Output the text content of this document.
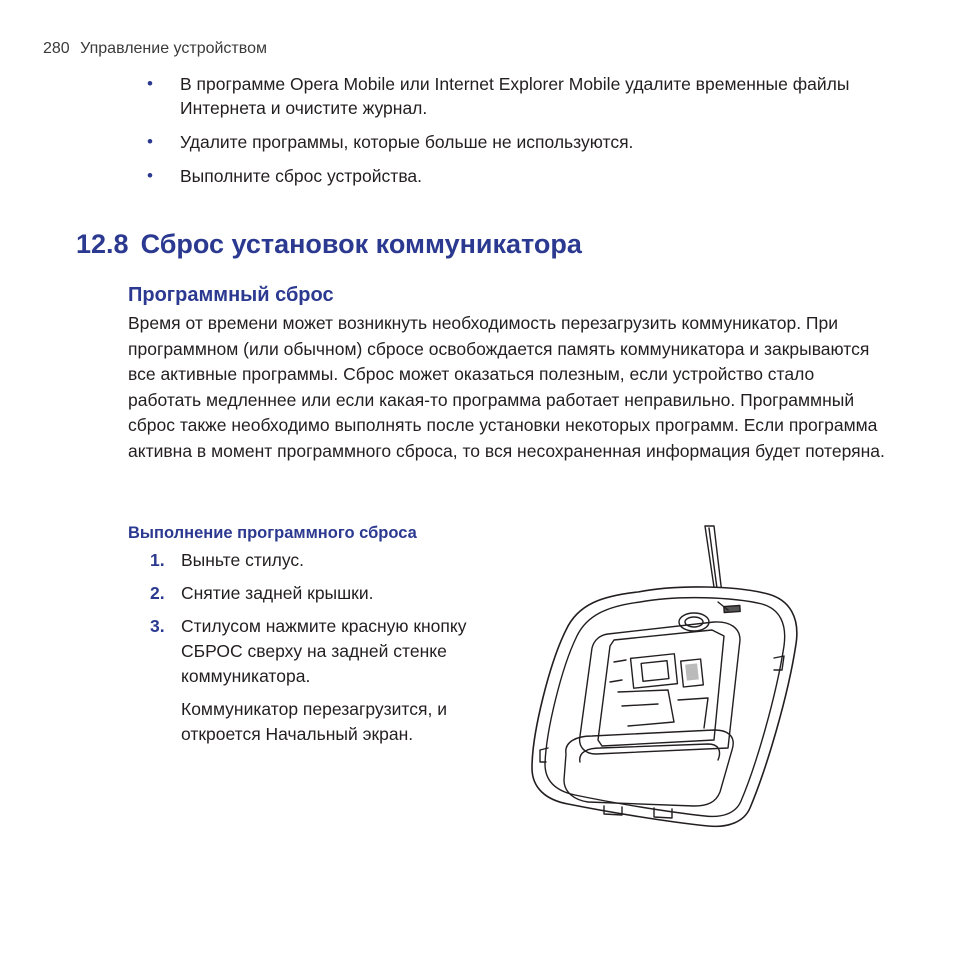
280 Управление устройством
• В программе Opera Mobile или Internet Explorer Mobile удалите временные файлы Интернета и очистите журнал.
• Удалите программы, которые больше не используются.
• Выполните сброс устройства.
12.8 Сброс установок коммуникатора
Программный сброс

Время от времени может возникнуть необходимость перезагрузить коммуникатор. При программном (или обычном) сбросе освобождается память коммуникатора и закрываются все активные программы. Сброс может оказаться полезным, если устройство стало работать медленнее или если какая-то программа работает неправильно. Программный сброс также необходимо выполнять после установки некоторых программ. Если программа активна в момент программного сброса, то вся несохраненная информация будет потеряна.

Выполнение программного сброса
1. Выньте стилус.
2. Снятие задней крышки.
3. Стилусом нажмите красную кнопку СБРОС сверху на задней стенке коммуникатора.

Коммуникатор перезагрузится, и откроется Начальный экран.
